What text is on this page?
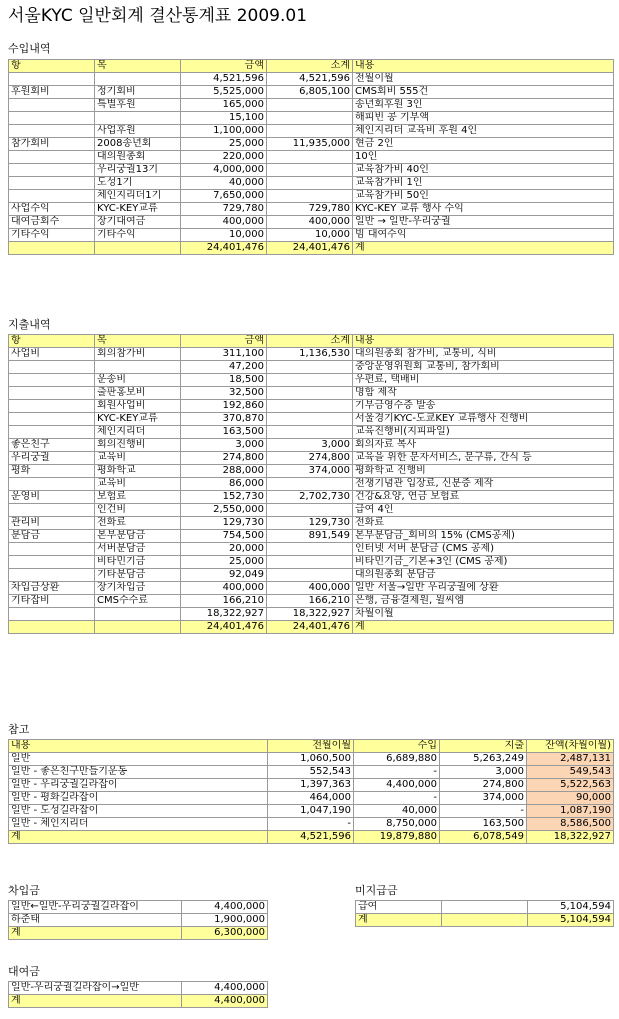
서울KYC 일반회계 결산통계표 2009.01
수입내역
항	목	금액	소계	내용
		4,521,596	4,521,596	전월이월
후원회비	정기회비	5,525,000	6,805,100	CMS회비 555건
	특별후원	165,000		송년회후원 3인
		15,100		해피빈 콩 기부액
	사업후원	1,100,000		체인지리더 교육비 후원 4인
참가회비	2008송년회	25,000	11,935,000	현금 2인
	대의원총회	220,000		10인
	우리궁궐13기	4,000,000		교육참가비 40인
	도성1기	40,000		교육참가비 1인
	체인지리더1기	7,650,000		교육참가비 50인
사업수익	KYC-KEY교류	729,780	729,780	KYC-KEY 교류 행사 수익
대여금회수	장기대여금	400,000	400,000	일반 → 일반-우리궁궐
기타수익	기타수익	10,000	10,000	빔 대여수익
		24,401,476	24,401,476	계
지출내역
항	목	금액	소계	내용
사업비	회의참가비	311,100	1,136,530	대의원총회 참가비, 교통비, 식비
		47,200		중앙운영위원회 교통비, 참가회비
	운송비	18,500		우편료, 택배비
	출판홍보비	32,500		명함 제작
	회원사업비	192,860		기부금영수증 발송
	KYC-KEY교류	370,870		서울경기KYC-도쿄KEY 교류행사 진행비
	체인지리더	163,500		교육진행비(지피파일)
좋은친구	회의진행비	3,000	3,000	회의자료 복사
우리궁궐	교육비	274,800	274,800	교육을 위한 문자서비스, 문구류, 간식 등
평화	평화학교	288,000	374,000	평화학교 진행비
	교육비	86,000		전쟁기념관 입장료, 신분증 제작
운영비	보험료	152,730	2,702,730	건강&요양, 연금 보험료
	인건비	2,550,000		급여 4인
관리비	전화료	129,730	129,730	전화료
분담금	본부분담금	754,500	891,549	본부분담금_회비의 15% (CMS공제)
	서버분담금	20,000		인터넷 서버 분담금 (CMS 공제)
	비타민기금	25,000		비타민기금_기본+3인 (CMS 공제)
	기타분담금	92,049		대의원총회 분담금
차입금상환	장기차입금	400,000	400,000	일반 서울→일반 우리궁궐에 상환
기타잡비	CMS수수료	166,210	166,210	은행, 금융결제원, 윌씨엠
		18,322,927	18,322,927	차월이월
		24,401,476	24,401,476	계
참고
내용	전월이월	수입	지출	잔액(차월이월)
일반	1,060,500	6,689,880	5,263,249	2,487,131
일반 - 좋은친구만들기운동	552,543	-	3,000	549,543
일반 - 우리궁궐길라잡이	1,397,363	4,400,000	274,800	5,522,563
일반 - 평화길라잡이	464,000	-	374,000	90,000
일반 - 도성길라잡이	1,047,190	40,000	-	1,087,190
일반 - 체인지리더	-	8,750,000	163,500	8,586,500
계	4,521,596	19,879,880	6,078,549	18,322,927
차입금
일반←일반-우리궁궐길라잡이	4,400,000
하준태	1,900,000
계	6,300,000
미지급금
급여		5,104,594
계		5,104,594
대여금
일반-우리궁궐길라잡이→일반	4,400,000
계	4,400,000
